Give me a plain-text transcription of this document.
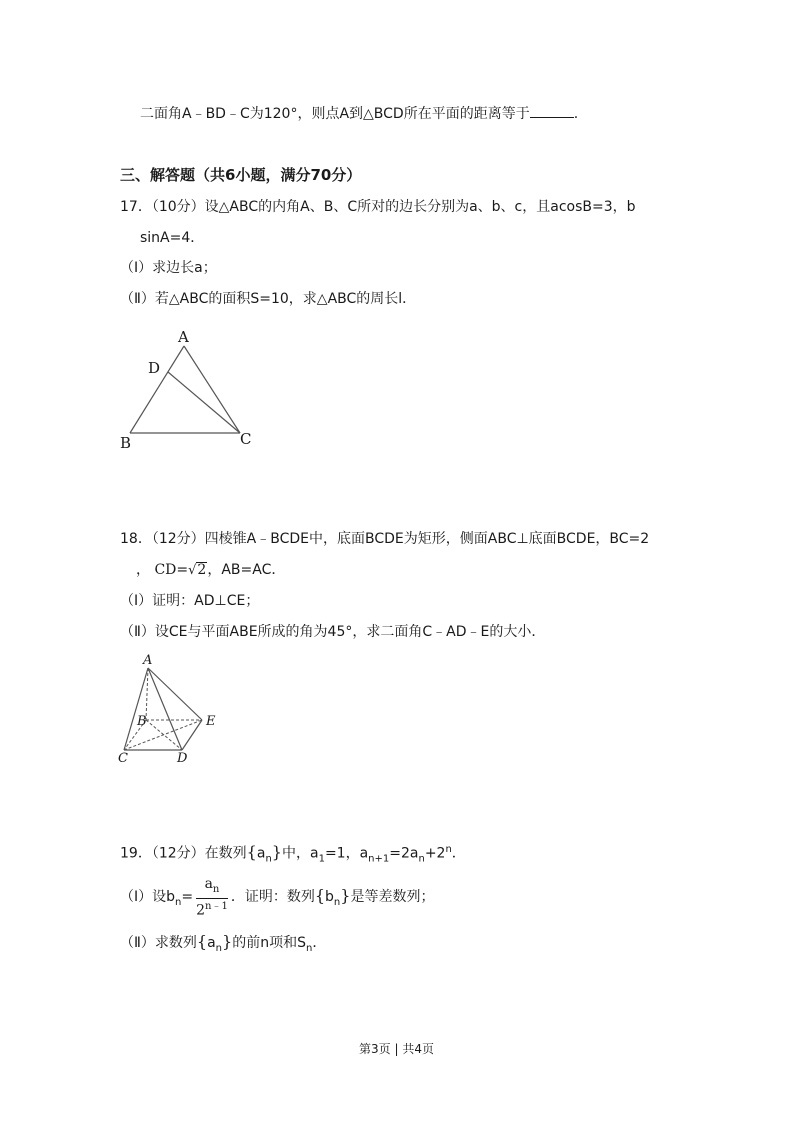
二面角A﹣BD﹣C为120°，则点A到△BCD所在平面的距离等于	.
三、解答题（共6小题，满分70分）
17．（10分）设△ABC的内角A、B、C所对的边长分别为a、b、c，且acosB=3，b
sinA=4．
（Ⅰ）求边长a；
（Ⅱ）若△ABC的面积S=10，求△ABC的周长l．
A
D
B	C
18．（12分）四棱锥A﹣BCDE中，底面BCDE为矩形，侧面ABC⊥底面BCDE，BC=2
， CD=√2，AB=AC．
（Ⅰ）证明：AD⊥CE；
（Ⅱ）设CE与平面ABE所成的角为45°，求二面角C﹣AD﹣E的大小．
A
B	E
C	D
19．（12分）在数列$\{a_n\}$中，$a_1=1$，$a_{n+1}=2a_n+2^n$．
（Ⅰ）设$b_n= \frac{a_n}{2^{n﹣1}}$ ．证明：数列$\{b_n\}$是等差数列；
（Ⅱ）求数列$\{a_n\}$的前n项和$S_n$．
第3页 | 共4页
